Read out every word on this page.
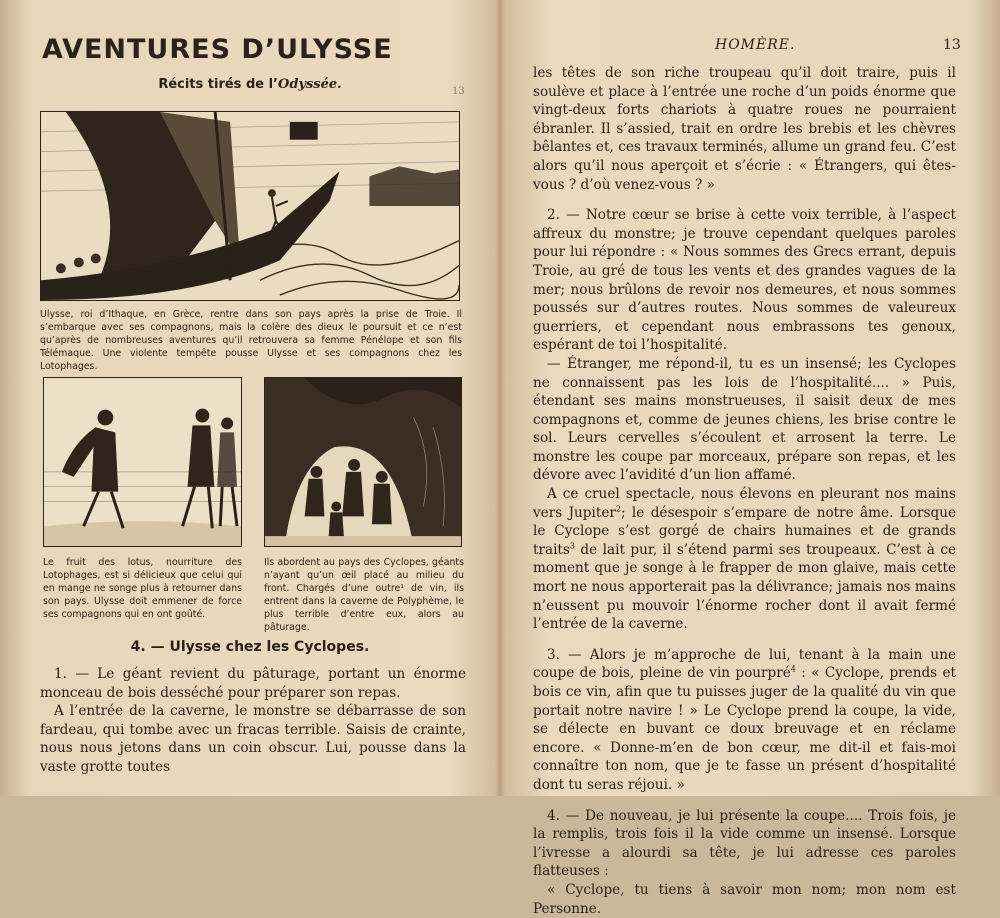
AVENTURES D’ULYSSE
Récits tirés de l’Odyssée.	13
Ulysse, roi d’Ithaque, en Grèce, rentre dans son pays après la prise de Troie. Il s’embarque avec ses compagnons, mais la colère des dieux le poursuit et ce n’est qu’après de nombreuses aventures qu’il retrouvera sa femme Pénélope et son fils Télémaque. Une violente tempête pousse Ulysse et ses compagnons chez les Lotophages.
Le fruit des lotus, nourriture des Lotophages, est si délicieux que celui qui en mange ne songe plus à retourner dans son pays. Ulysse doit emmener de force ses compagnons qui en ont goûté.
Ils abordent au pays des Cyclopes, géants n’ayant qu’un œil placé au milieu du front. Chargés d’une outre¹ de vin, ils entrent dans la caverne de Polyphème, le plus terrible d’entre eux, alors au pâturage.
4. — Ulysse chez les Cyclopes.

1. — Le géant revient du pâturage, portant un énorme monceau de bois desséché pour préparer son repas.

A l’entrée de la caverne, le monstre se débarrasse de son fardeau, qui tombe avec un fracas terrible. Saisis de crainte, nous nous jetons dans un coin obscur. Lui, pousse dans la vaste grotte toutes

HOMÈRE.	13

les têtes de son riche troupeau qu’il doit traire, puis il soulève et place à l’entrée une roche d’un poids énorme que vingt-deux forts chariots à quatre roues ne pourraient ébranler. Il s’assied, trait en ordre les brebis et les chèvres bêlantes et, ces travaux terminés, allume un grand feu. C’est alors qu’il nous aperçoit et s’écrie : « Étrangers, qui êtes-vous ? d’où venez-vous ? »

2. — Notre cœur se brise à cette voix terrible, à l’aspect affreux du monstre; je trouve cependant quelques paroles pour lui répondre : « Nous sommes des Grecs errant, depuis Troie, au gré de tous les vents et des grandes vagues de la mer; nous brûlons de revoir nos demeures, et nous sommes poussés sur d’autres routes. Nous sommes de valeureux guerriers, et cependant nous embrassons tes genoux, espérant de toi l’hospitalité.

— Étranger, me répond-il, tu es un insensé; les Cyclopes ne connaissent pas les lois de l’hospitalité.... » Puis, étendant ses mains monstrueuses, il saisit deux de mes compagnons et, comme de jeunes chiens, les brise contre le sol. Leurs cervelles s’écoulent et arrosent la terre. Le monstre les coupe par morceaux, prépare son repas, et les dévore avec l’avidité d’un lion affamé.

A ce cruel spectacle, nous élevons en pleurant nos mains vers Jupiter$^2$; le désespoir s’empare de notre âme. Lorsque le Cyclope s’est gorgé de chairs humaines et de grands traits$^3$ de lait pur, il s’étend parmi ses troupeaux. C’est à ce moment que je songe à le frapper de mon glaive, mais cette mort ne nous apporterait pas la délivrance; jamais nos mains n’eussent pu mouvoir l’énorme rocher dont il avait fermé l’entrée de la caverne.

3. — Alors je m’approche de lui, tenant à la main une coupe de bois, pleine de vin pourpré$^4$ : « Cyclope, prends et bois ce vin, afin que tu puisses juger de la qualité du vin que portait notre navire ! » Le Cyclope prend la coupe, la vide, se délecte en buvant ce doux breuvage et en réclame encore. « Donne-m’en de bon cœur, me dit-il et fais-moi connaître ton nom, que je te fasse un présent d’hospitalité dont tu seras réjoui. »

4. — De nouveau, je lui présente la coupe.... Trois fois, je la remplis, trois fois il la vide comme un insensé. Lorsque l’ivresse a alourdi sa tête, je lui adresse ces paroles flatteuses :

« Cyclope, tu tiens à savoir mon nom; mon nom est Personne.
